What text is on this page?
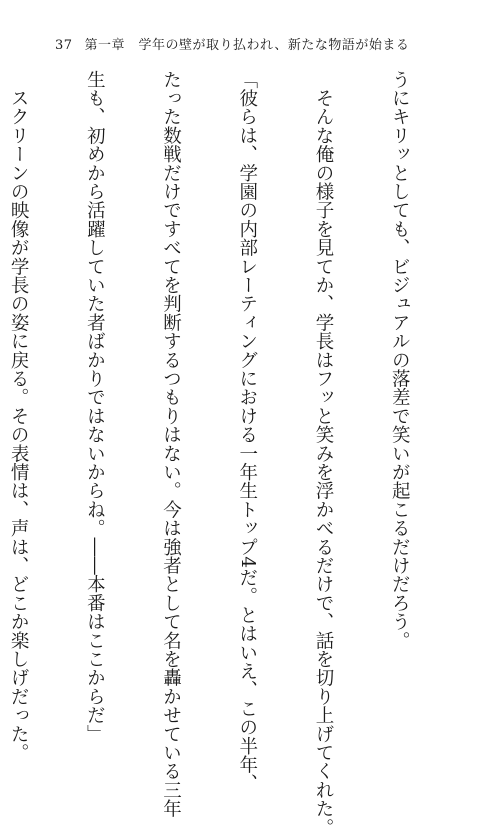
37 第一章　学年の壁が取り払われ、新たな物語が始まる

うにキリッとしても、ビジュアルの落差で笑いが起こるだけだろう。

　そんな俺の様子を見てか、学長はフッと笑みを浮かべるだけで、話を切り上げてくれた。

「彼らは、学園の内部レーティングにおける一年生トップ4だ。とはいえ、この半年、

たった数戦だけですべてを判断するつもりはない。今は強者として名を轟かせている三年

生も、初めから活躍していた者ばかりではないからね。――本番はここからだ」

　スクリーンの映像が学長の姿に戻る。その表情は、声は、どこか楽しげだった。
